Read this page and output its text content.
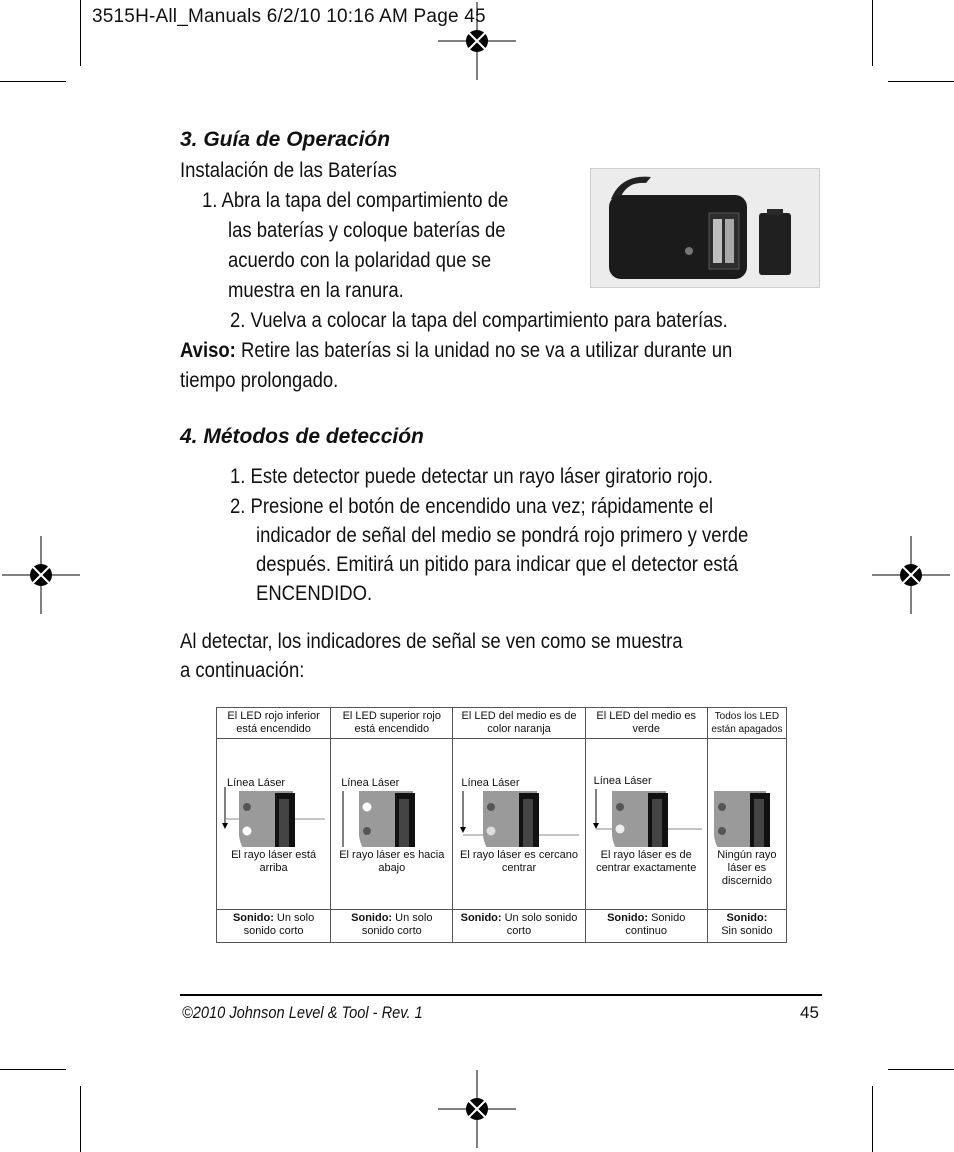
3515H-All_Manuals 6/2/10 10:16 AM Page 45
3. Guía de Operación
Instalación de las Baterías
1. Abra la tapa del compartimiento de
las baterías y coloque baterías de
acuerdo con la polaridad que se
muestra en la ranura.
2. Vuelva a colocar la tapa del compartimiento para baterías.
Aviso: Retire las baterías si la unidad no se va a utilizar durante un
tiempo prolongado.
4. Métodos de detección
1. Este detector puede detectar un rayo láser giratorio rojo.
2. Presione el botón de encendido una vez; rápidamente el
indicador de señal del medio se pondrá rojo primero y verde
después. Emitirá un pitido para indicar que el detector está
ENCENDIDO.
Al detectar, los indicadores de señal se ven como se muestra
a continuación:
El LED rojo inferior está encendido	El LED superior rojo está encendido	El LED del medio es de color naranja	El LED del medio es verde	Todos los LED están apagados

Línea Láser	Línea Láser	Línea Láser	Línea Láser

El rayo láser está arriba	El rayo láser es hacia abajo	El rayo láser es cercano centrar	El rayo láser es de centrar exactamente	Ningún rayo láser es discernido
Sonido: Un solo sonido corto	Sonido: Un solo sonido corto	Sonido: Un solo sonido corto	Sonido: Sonido continuo	Sonido:
Sin sonido
©2010 Johnson Level & Tool - Rev. 1	45
